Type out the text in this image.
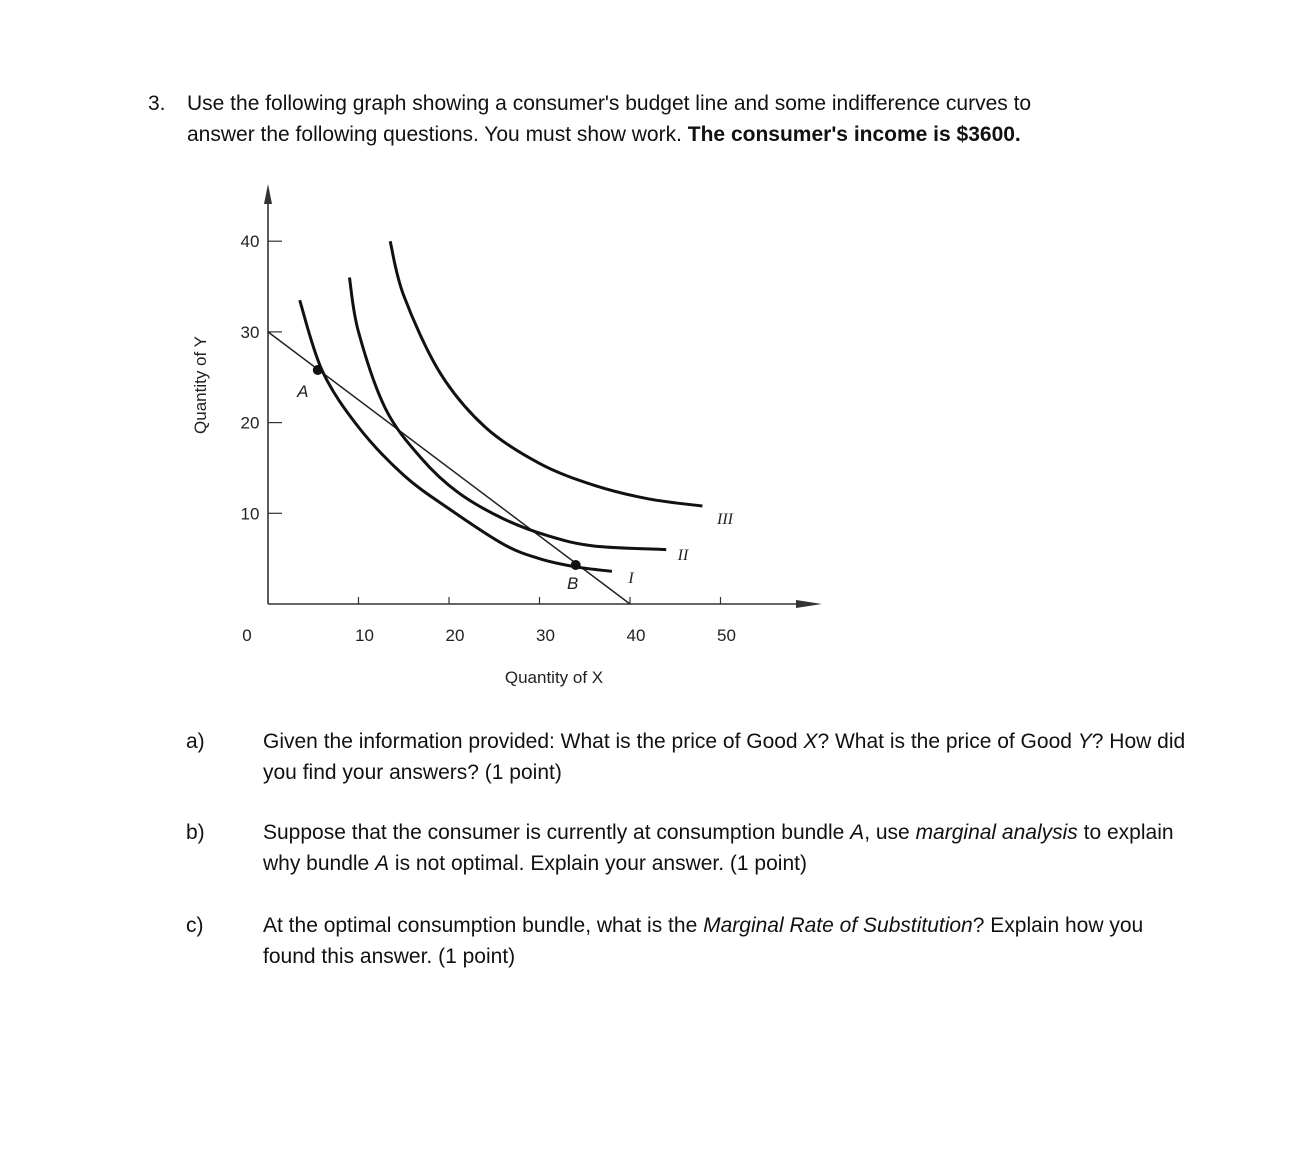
3. Use the following graph showing a consumer's budget line and some indifference curves to
answer the following questions. You must show work. The consumer's income is $3600.
0	10	20	30	40	50
10
20
30
40
I
II
III
A
B
Quantity of X
Quantity of Y
a)	Given the information provided: What is the price of Good X? What is the price of Good Y? How did you find your answers? (1 point)
b)	Suppose that the consumer is currently at consumption bundle A, use marginal analysis to explain why bundle A is not optimal. Explain your answer. (1 point)
c)	At the optimal consumption bundle, what is the Marginal Rate of Substitution? Explain how you found this answer. (1 point)
